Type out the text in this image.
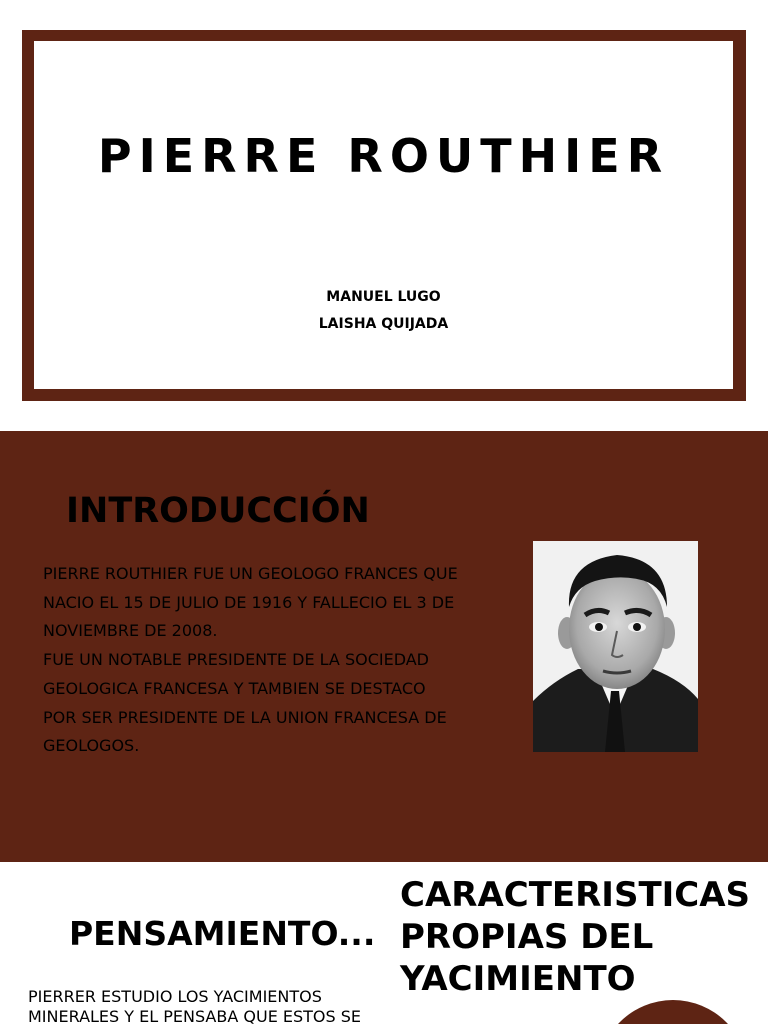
PIERRE ROUTHIER
MANUEL LUGO
LAISHA QUIJADA
INTRODUCCIÓN

PIERRE ROUTHIER FUE UN GEOLOGO FRANCES QUE NACIO EL 15 DE JULIO DE 1916 Y FALLECIO EL 3 DE NOVIEMBRE DE 2008.

FUE UN NOTABLE PRESIDENTE DE LA SOCIEDAD GEOLOGICA FRANCESA Y TAMBIEN SE DESTACO POR SER PRESIDENTE DE LA UNION FRANCESA DE GEOLOGOS.

PENSAMIENTO...
PIERRER ESTUDIO LOS YACIMIENTOS
MINERALES Y EL PENSABA QUE ESTOS SE
CARACTERISTICAS
PROPIAS DEL
YACIMIENTO
